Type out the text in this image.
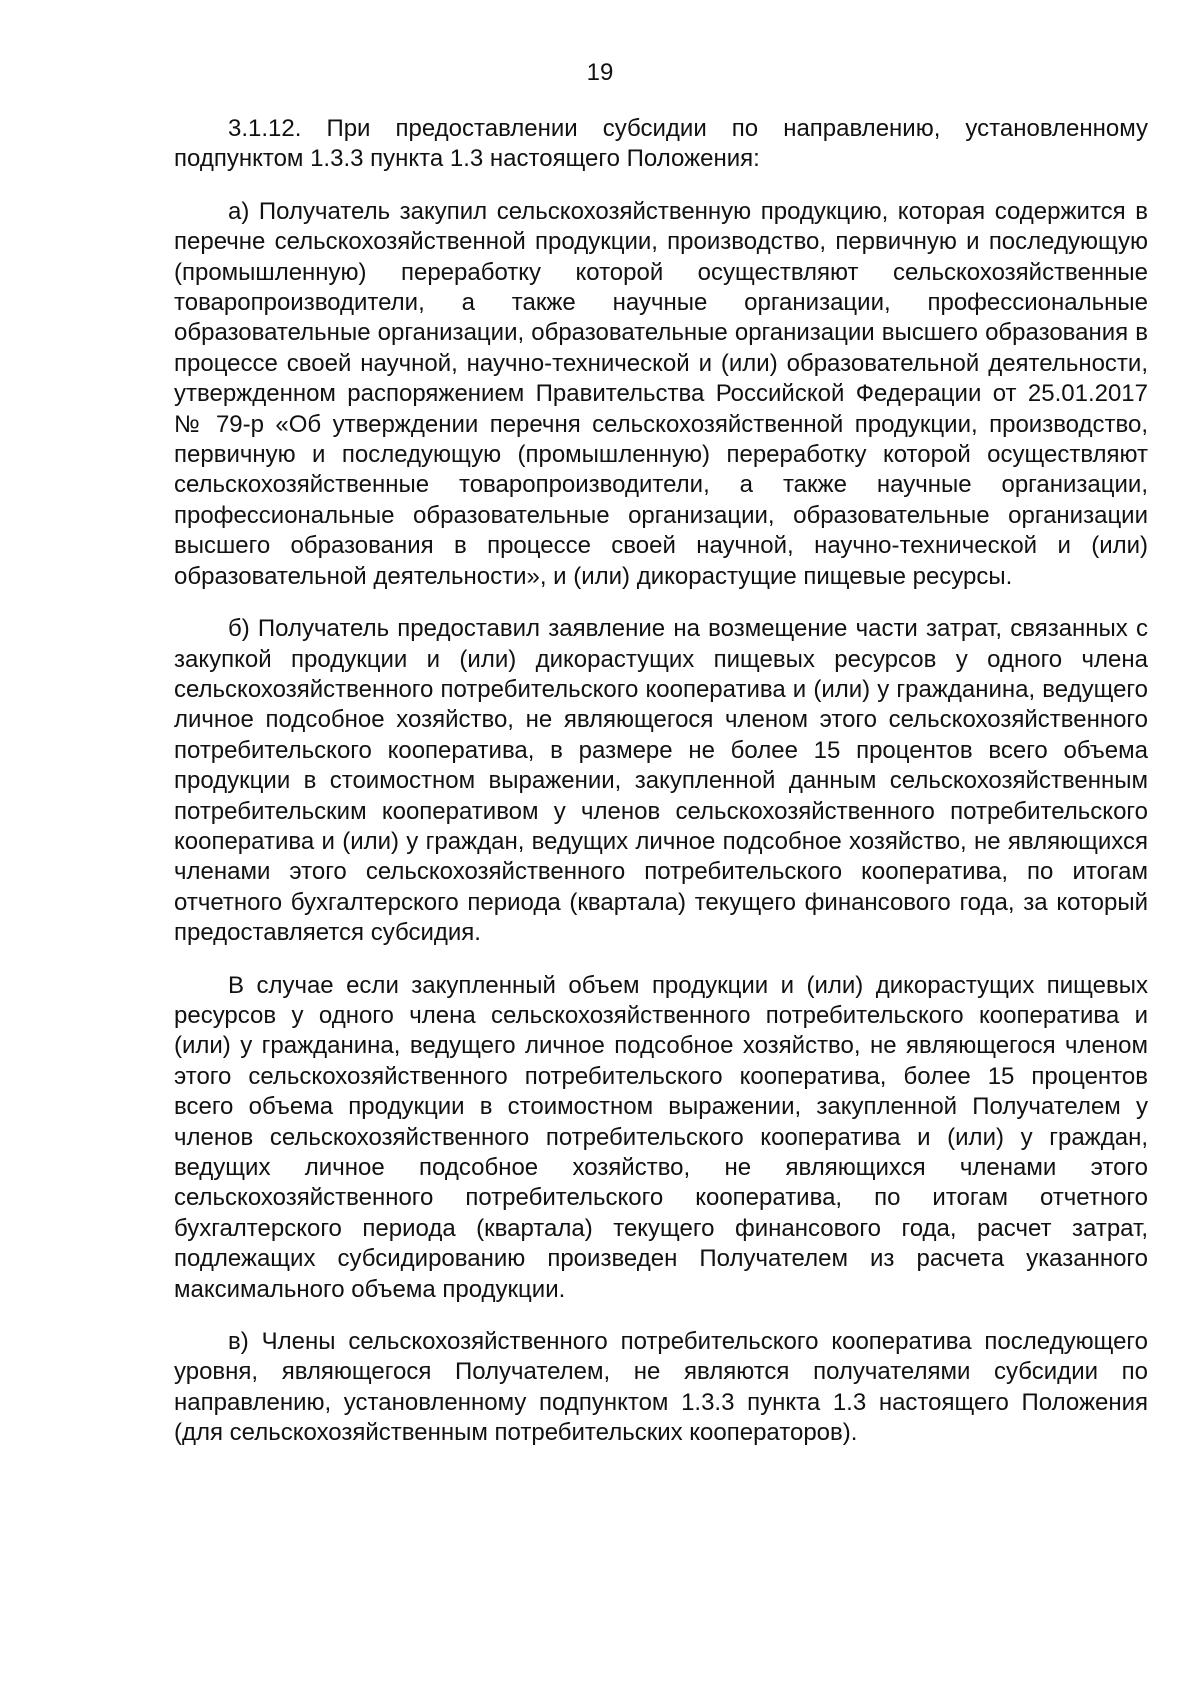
19

3.1.12. При предоставлении субсидии по направлению, установленному подпунктом 1.3.3 пункта 1.3 настоящего Положения:

а) Получатель закупил сельскохозяйственную продукцию, которая содержится в перечне сельскохозяйственной продукции, производство, первичную и последующую (промышленную) переработку которой осуществляют сельскохозяйственные товаропроизводители, а также научные организации, профессиональные образовательные организации, образовательные организации высшего образования в процессе своей научной, научно-технической и (или) образовательной деятельности, утвержденном распоряжением Правительства Российской Федерации от 25.01.2017 № 79-р «Об утверждении перечня сельскохозяйственной продукции, производство, первичную и последующую (промышленную) переработку которой осуществляют сельскохозяйственные товаропроизводители, а также научные организации, профессиональные образовательные организации, образовательные организации высшего образования в процессе своей научной, научно-технической и (или) образовательной деятельности», и (или) дикорастущие пищевые ресурсы.

б) Получатель предоставил заявление на возмещение части затрат, связанных с закупкой продукции и (или) дикорастущих пищевых ресурсов у одного члена сельскохозяйственного потребительского кооператива и (или) у гражданина, ведущего личное подсобное хозяйство, не являющегося членом этого сельскохозяйственного потребительского кооператива, в размере не более 15 процентов всего объема продукции в стоимостном выражении, закупленной данным сельскохозяйственным потребительским кооперативом у членов сельскохозяйственного потребительского кооператива и (или) у граждан, ведущих личное подсобное хозяйство, не являющихся членами этого сельскохозяйственного потребительского кооператива, по итогам отчетного бухгалтерского периода (квартала) текущего финансового года, за который предоставляется субсидия.

В случае если закупленный объем продукции и (или) дикорастущих пищевых ресурсов у одного члена сельскохозяйственного потребительского кооператива и (или) у гражданина, ведущего личное подсобное хозяйство, не являющегося членом этого сельскохозяйственного потребительского кооператива, более 15 процентов всего объема продукции в стоимостном выражении, закупленной Получателем у членов сельскохозяйственного потребительского кооператива и (или) у граждан, ведущих личное подсобное хозяйство, не являющихся членами этого сельскохозяйственного потребительского кооператива, по итогам отчетного бухгалтерского периода (квартала) текущего финансового года, расчет затрат, подлежащих субсидированию произведен Получателем из расчета указанного максимального объема продукции.

в) Члены сельскохозяйственного потребительского кооператива последующего уровня, являющегося Получателем, не являются получателями субсидии по направлению, установленному подпунктом 1.3.3 пункта 1.3 настоящего Положения (для сельскохозяйственным потребительских кооператоров).
